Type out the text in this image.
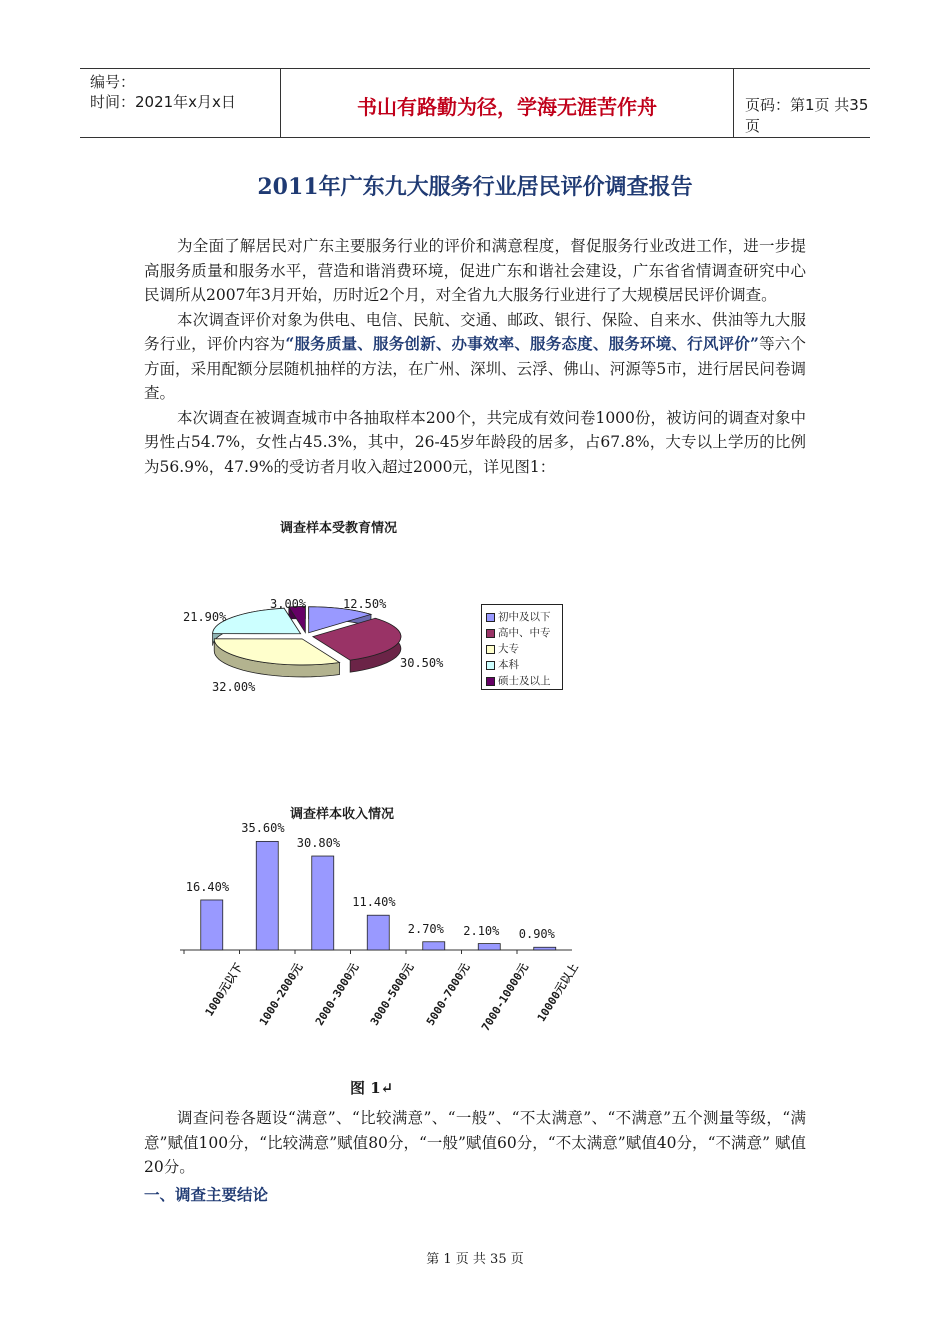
编号：
时间：2021年x月x日	书山有路勤为径，学海无涯苦作舟	页码：第1页 共35页
2011年广东九大服务行业居民评价调查报告

为全面了解居民对广东主要服务行业的评价和满意程度，督促服务行业改进工作，进一步提高服务质量和服务水平，营造和谐消费环境，促进广东和谐社会建设，广东省省情调查研究中心民调所从2007年3月开始，历时近2个月，对全省九大服务行业进行了大规模居民评价调查。

本次调查评价对象为供电、电信、民航、交通、邮政、银行、保险、自来水、供油等九大服务行业，评价内容为“服务质量、服务创新、办事效率、服务态度、服务环境、行风评价”等六个方面，采用配额分层随机抽样的方法，在广州、深圳、云浮、佛山、河源等5市，进行居民问卷调查。

本次调查在被调查城市中各抽取样本200个，共完成有效问卷1000份，被访问的调查对象中男性占54.7%，女性占45.3%，其中，26-45岁年龄段的居多，占67.8%，大专以上学历的比例为56.9%，47.9%的受访者月收入超过2000元，详见图1：

调查样本受教育情况
12.50%
30.50%
32.00%
21.90%
3.00%
初中及以下
高中、中专
大专
本科
硕士及以上
调查样本收入情况
16.40%
1000元以下
35.60%
1000-2000元
30.80%
2000-3000元
11.40%
3000-5000元
2.70%
5000-7000元
2.10%
7000-10000元
0.90%
10000元以上
图 1↵

调查问卷各题设“满意”、“比较满意”、“一般”、“不太满意”、“不满意”五个测量等级，“满意”赋值100分，“比较满意”赋值80分，“一般”赋值60分，“不太满意”赋值40分，“不满意” 赋值20分。

一、调查主要结论
第 1 页 共 35 页
